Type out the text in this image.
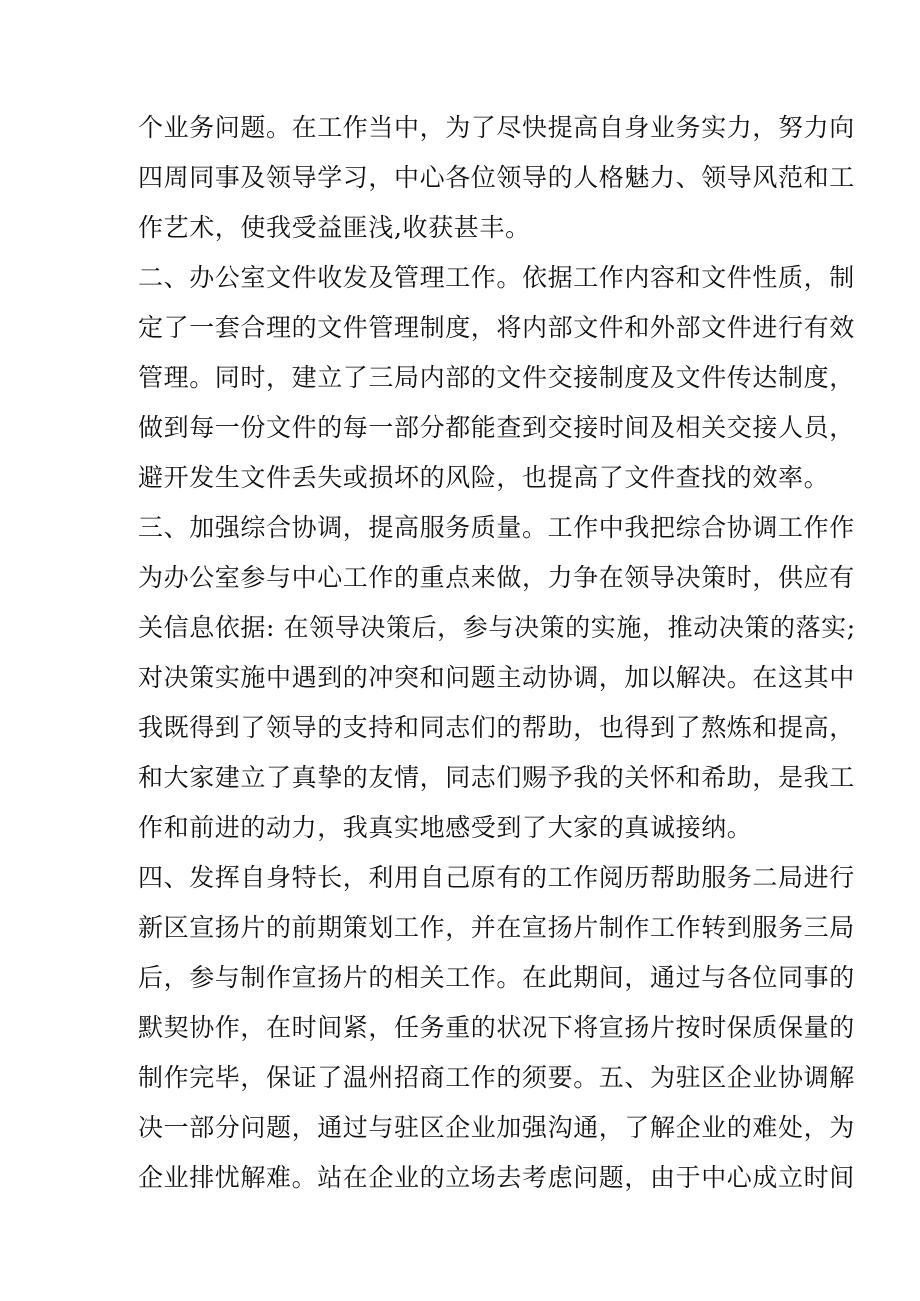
个业务问题。在工作当中，为了尽快提高自身业务实力，努力向
四周同事及领导学习，中心各位领导的人格魅力、领导风范和工
作艺术，使我受益匪浅,收获甚丰。
二、办公室文件收发及管理工作。依据工作内容和文件性质，制
定了一套合理的文件管理制度，将内部文件和外部文件进行有效
管理。同时，建立了三局内部的文件交接制度及文件传达制度，
做到每一份文件的每一部分都能查到交接时间及相关交接人员，
避开发生文件丢失或损坏的风险，也提高了文件查找的效率。
三、加强综合协调，提高服务质量。工作中我把综合协调工作作
为办公室参与中心工作的重点来做，力争在领导决策时，供应有
关信息依据: 在领导决策后，参与决策的实施，推动决策的落实;
对决策实施中遇到的冲突和问题主动协调，加以解决。在这其中
我既得到了领导的支持和同志们的帮助，也得到了熬炼和提高，
和大家建立了真挚的友情，同志们赐予我的关怀和希助，是我工
作和前进的动力，我真实地感受到了大家的真诚接纳。
四、发挥自身特长，利用自己原有的工作阅历帮助服务二局进行
新区宣扬片的前期策划工作，并在宣扬片制作工作转到服务三局
后，参与制作宣扬片的相关工作。在此期间，通过与各位同事的
默契协作，在时间紧，任务重的状况下将宣扬片按时保质保量的
制作完毕，保证了温州招商工作的须要。五、为驻区企业协调解
决一部分问题，通过与驻区企业加强沟通，了解企业的难处，为
企业排忧解难。站在企业的立场去考虑问题，由于中心成立时间
